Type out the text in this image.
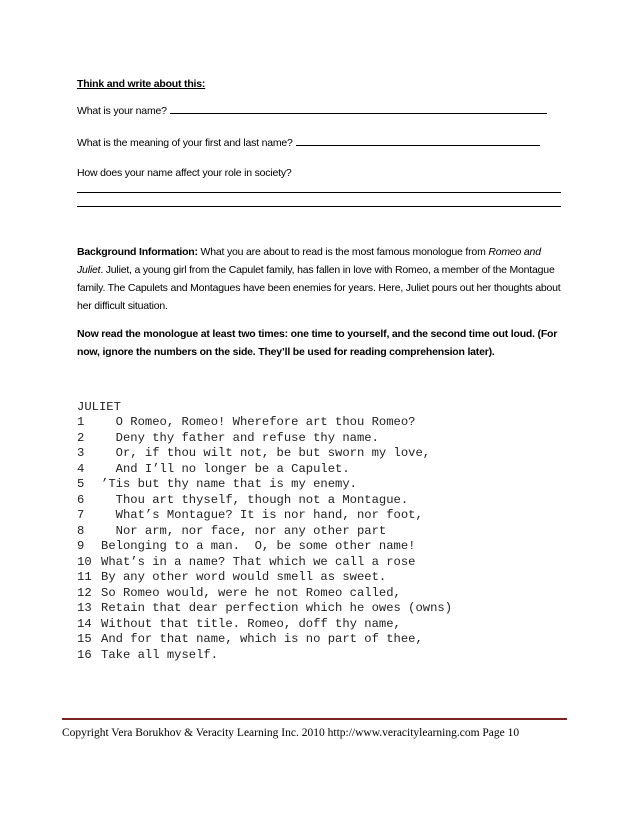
Think and write about this:
What is your name?
What is the meaning of your first and last name?
How does your name affect your role in society?
Background Information: What you are about to read is the most famous monologue from Romeo and Juliet. Juliet, a young girl from the Capulet family, has fallen in love with Romeo, a member of the Montague family. The Capulets and Montagues have been enemies for years. Here, Juliet pours out her thoughts about her difficult situation.
Now read the monologue at least two times: one time to yourself, and the second time out loud. (For now, ignore the numbers on the side. They’ll be used for reading comprehension later).
JULIET
1  O Romeo, Romeo! Wherefore art thou Romeo?
2  Deny thy father and refuse thy name.
3  Or, if thou wilt not, be but sworn my love,
4  And I’ll no longer be a Capulet.
5 ’Tis but thy name that is my enemy.
6  Thou art thyself, though not a Montague.
7  What’s Montague? It is nor hand, nor foot,
8  Nor arm, nor face, nor any other part
9 Belonging to a man.  O, be some other name!
10 What’s in a name? That which we call a rose
11 By any other word would smell as sweet.
12 So Romeo would, were he not Romeo called,
13 Retain that dear perfection which he owes (owns)
14 Without that title. Romeo, doff thy name,
15 And for that name, which is no part of thee,
16 Take all myself.
Copyright Vera Borukhov & Veracity Learning Inc. 2010 http://www.veracitylearning.com Page 10
